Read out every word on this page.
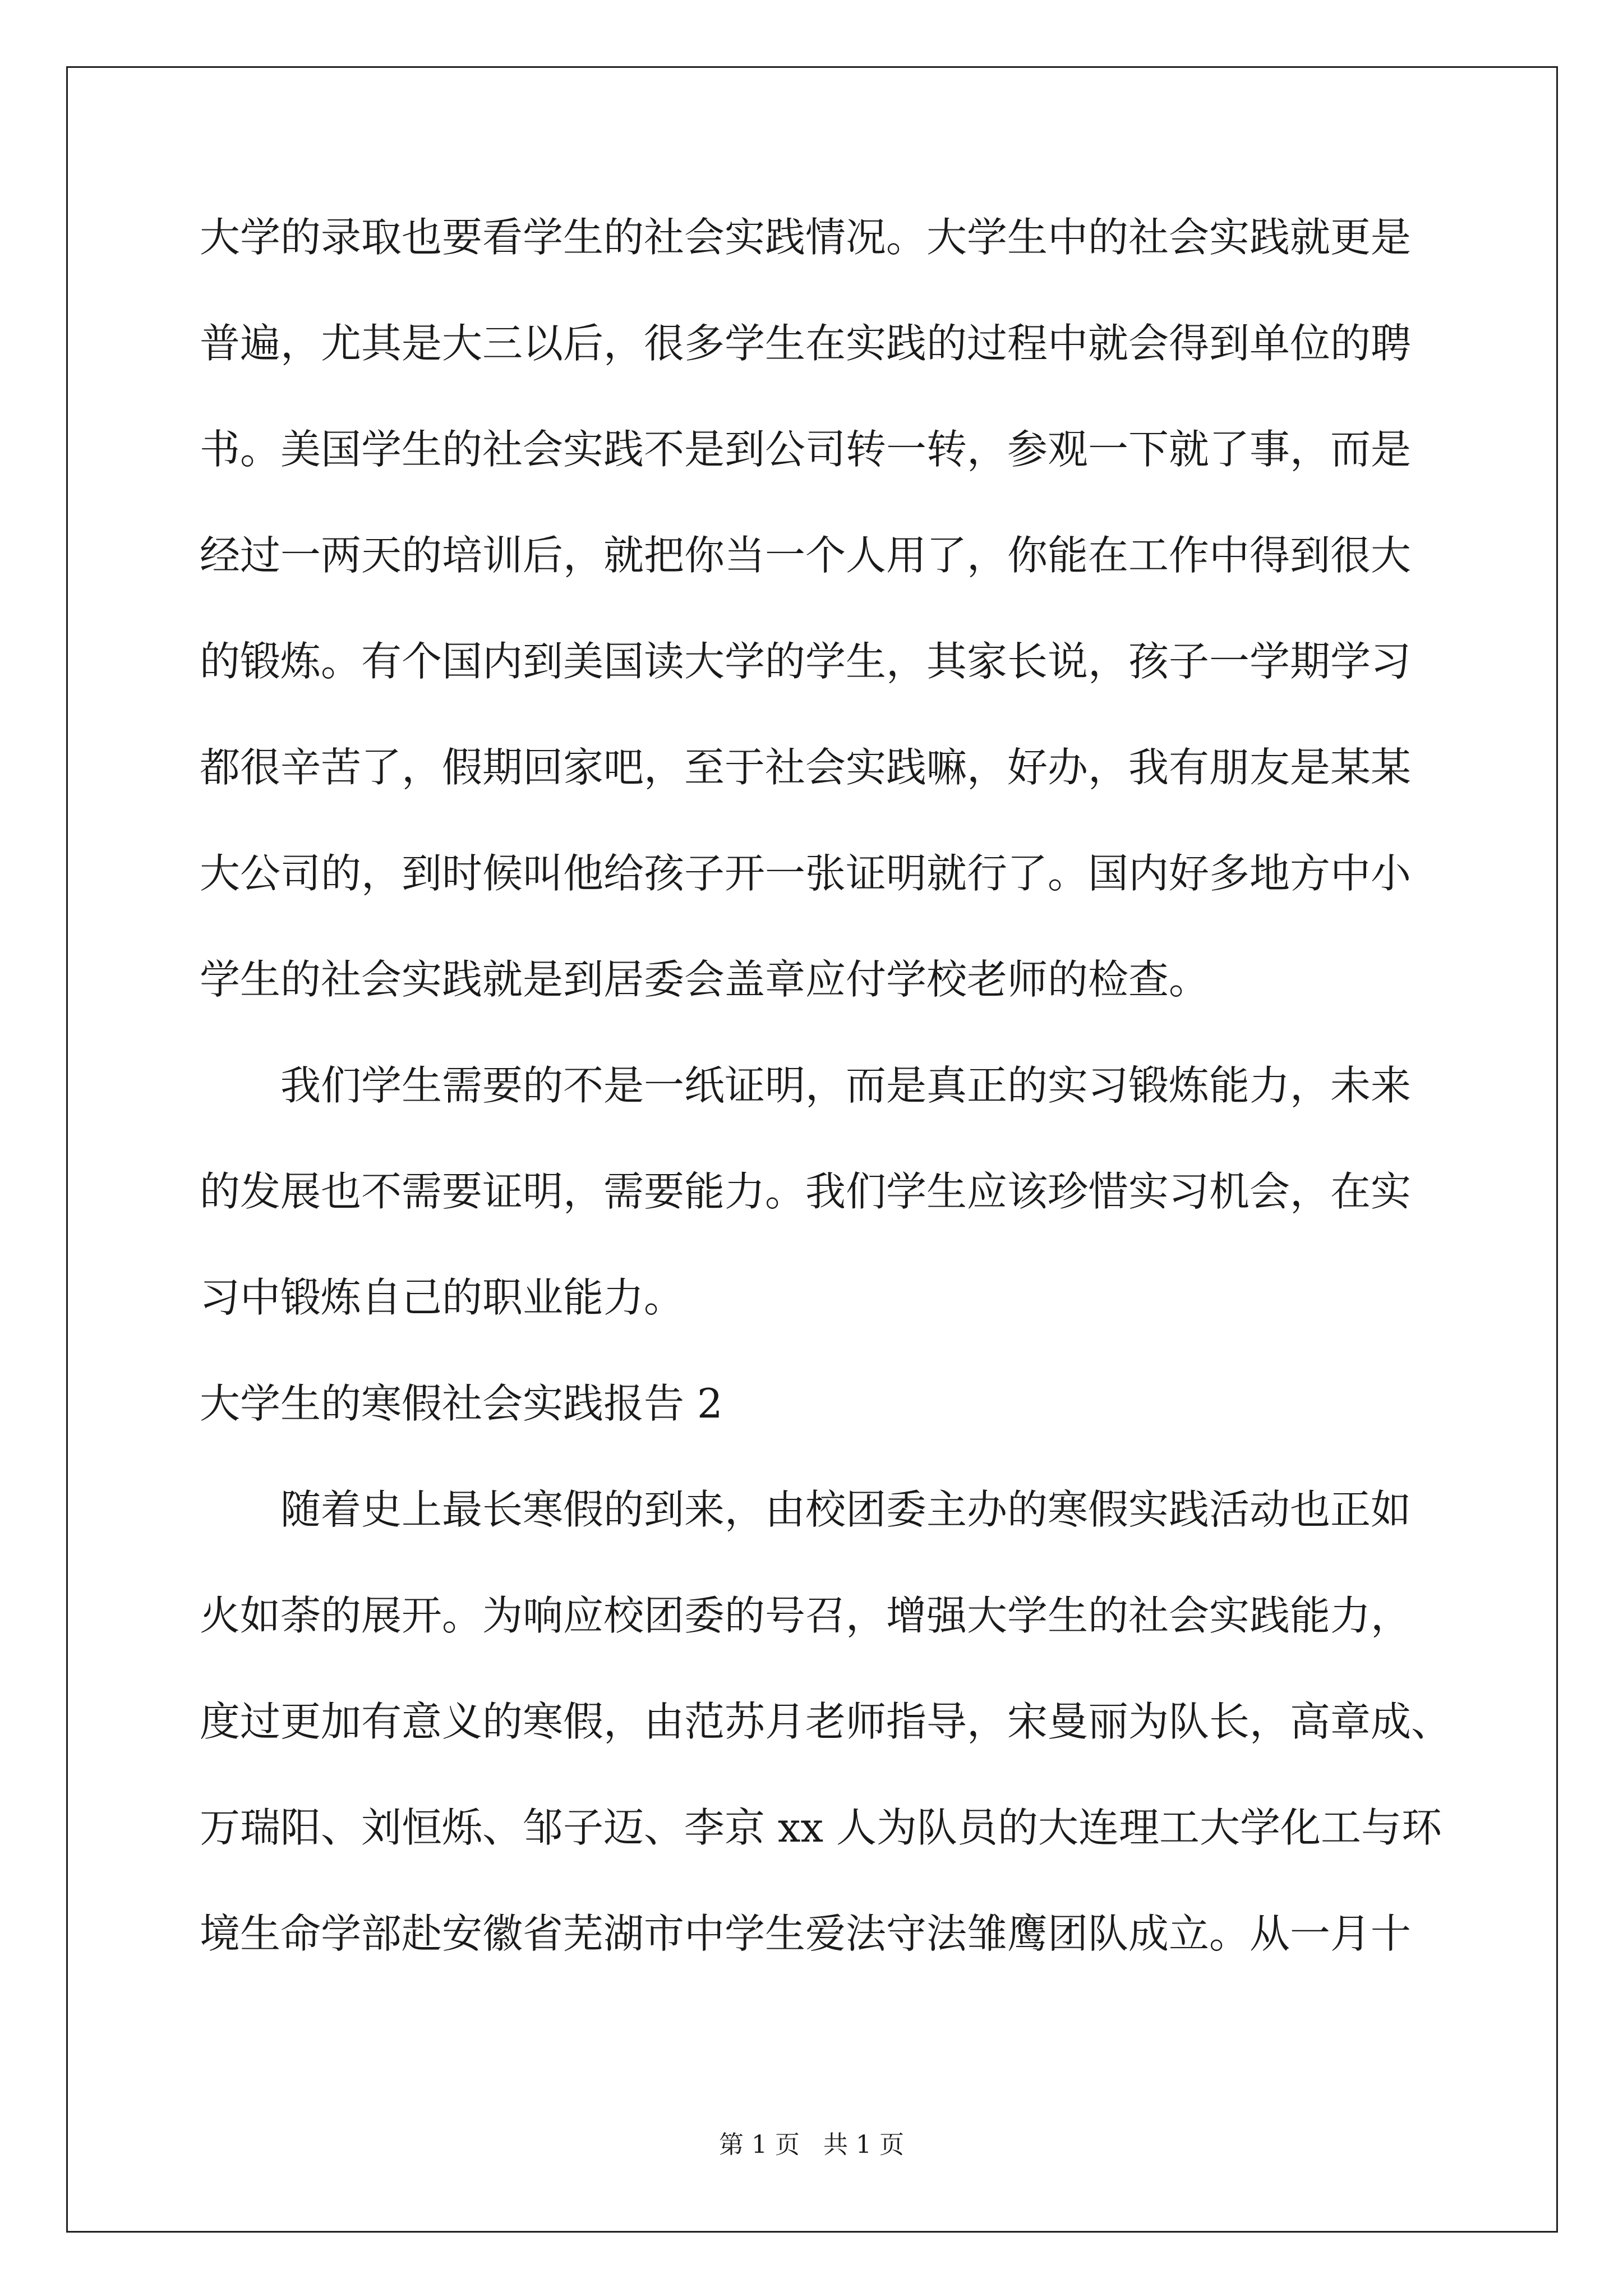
大学的录取也要看学生的社会实践情况。大学生中的社会实践就更是
普遍，尤其是大三以后，很多学生在实践的过程中就会得到单位的聘
书。美国学生的社会实践不是到公司转一转，参观一下就了事，而是
经过一两天的培训后，就把你当一个人用了，你能在工作中得到很大
的锻炼。有个国内到美国读大学的学生，其家长说，孩子一学期学习
都很辛苦了，假期回家吧，至于社会实践嘛，好办，我有朋友是某某
大公司的，到时候叫他给孩子开一张证明就行了。国内好多地方中小
学生的社会实践就是到居委会盖章应付学校老师的检查。
我们学生需要的不是一纸证明，而是真正的实习锻炼能力，未来
的发展也不需要证明，需要能力。我们学生应该珍惜实习机会，在实
习中锻炼自己的职业能力。
大学生的寒假社会实践报告 2
随着史上最长寒假的到来，由校团委主办的寒假实践活动也正如
火如荼的展开。为响应校团委的号召，增强大学生的社会实践能力，
度过更加有意义的寒假，由范苏月老师指导，宋曼丽为队长，高章成、
万瑞阳、刘恒烁、邹子迈、李京 xx 人为队员的大连理工大学化工与环
境生命学部赴安徽省芜湖市中学生爱法守法雏鹰团队成立。从一月十
第 1 页   共 1 页
